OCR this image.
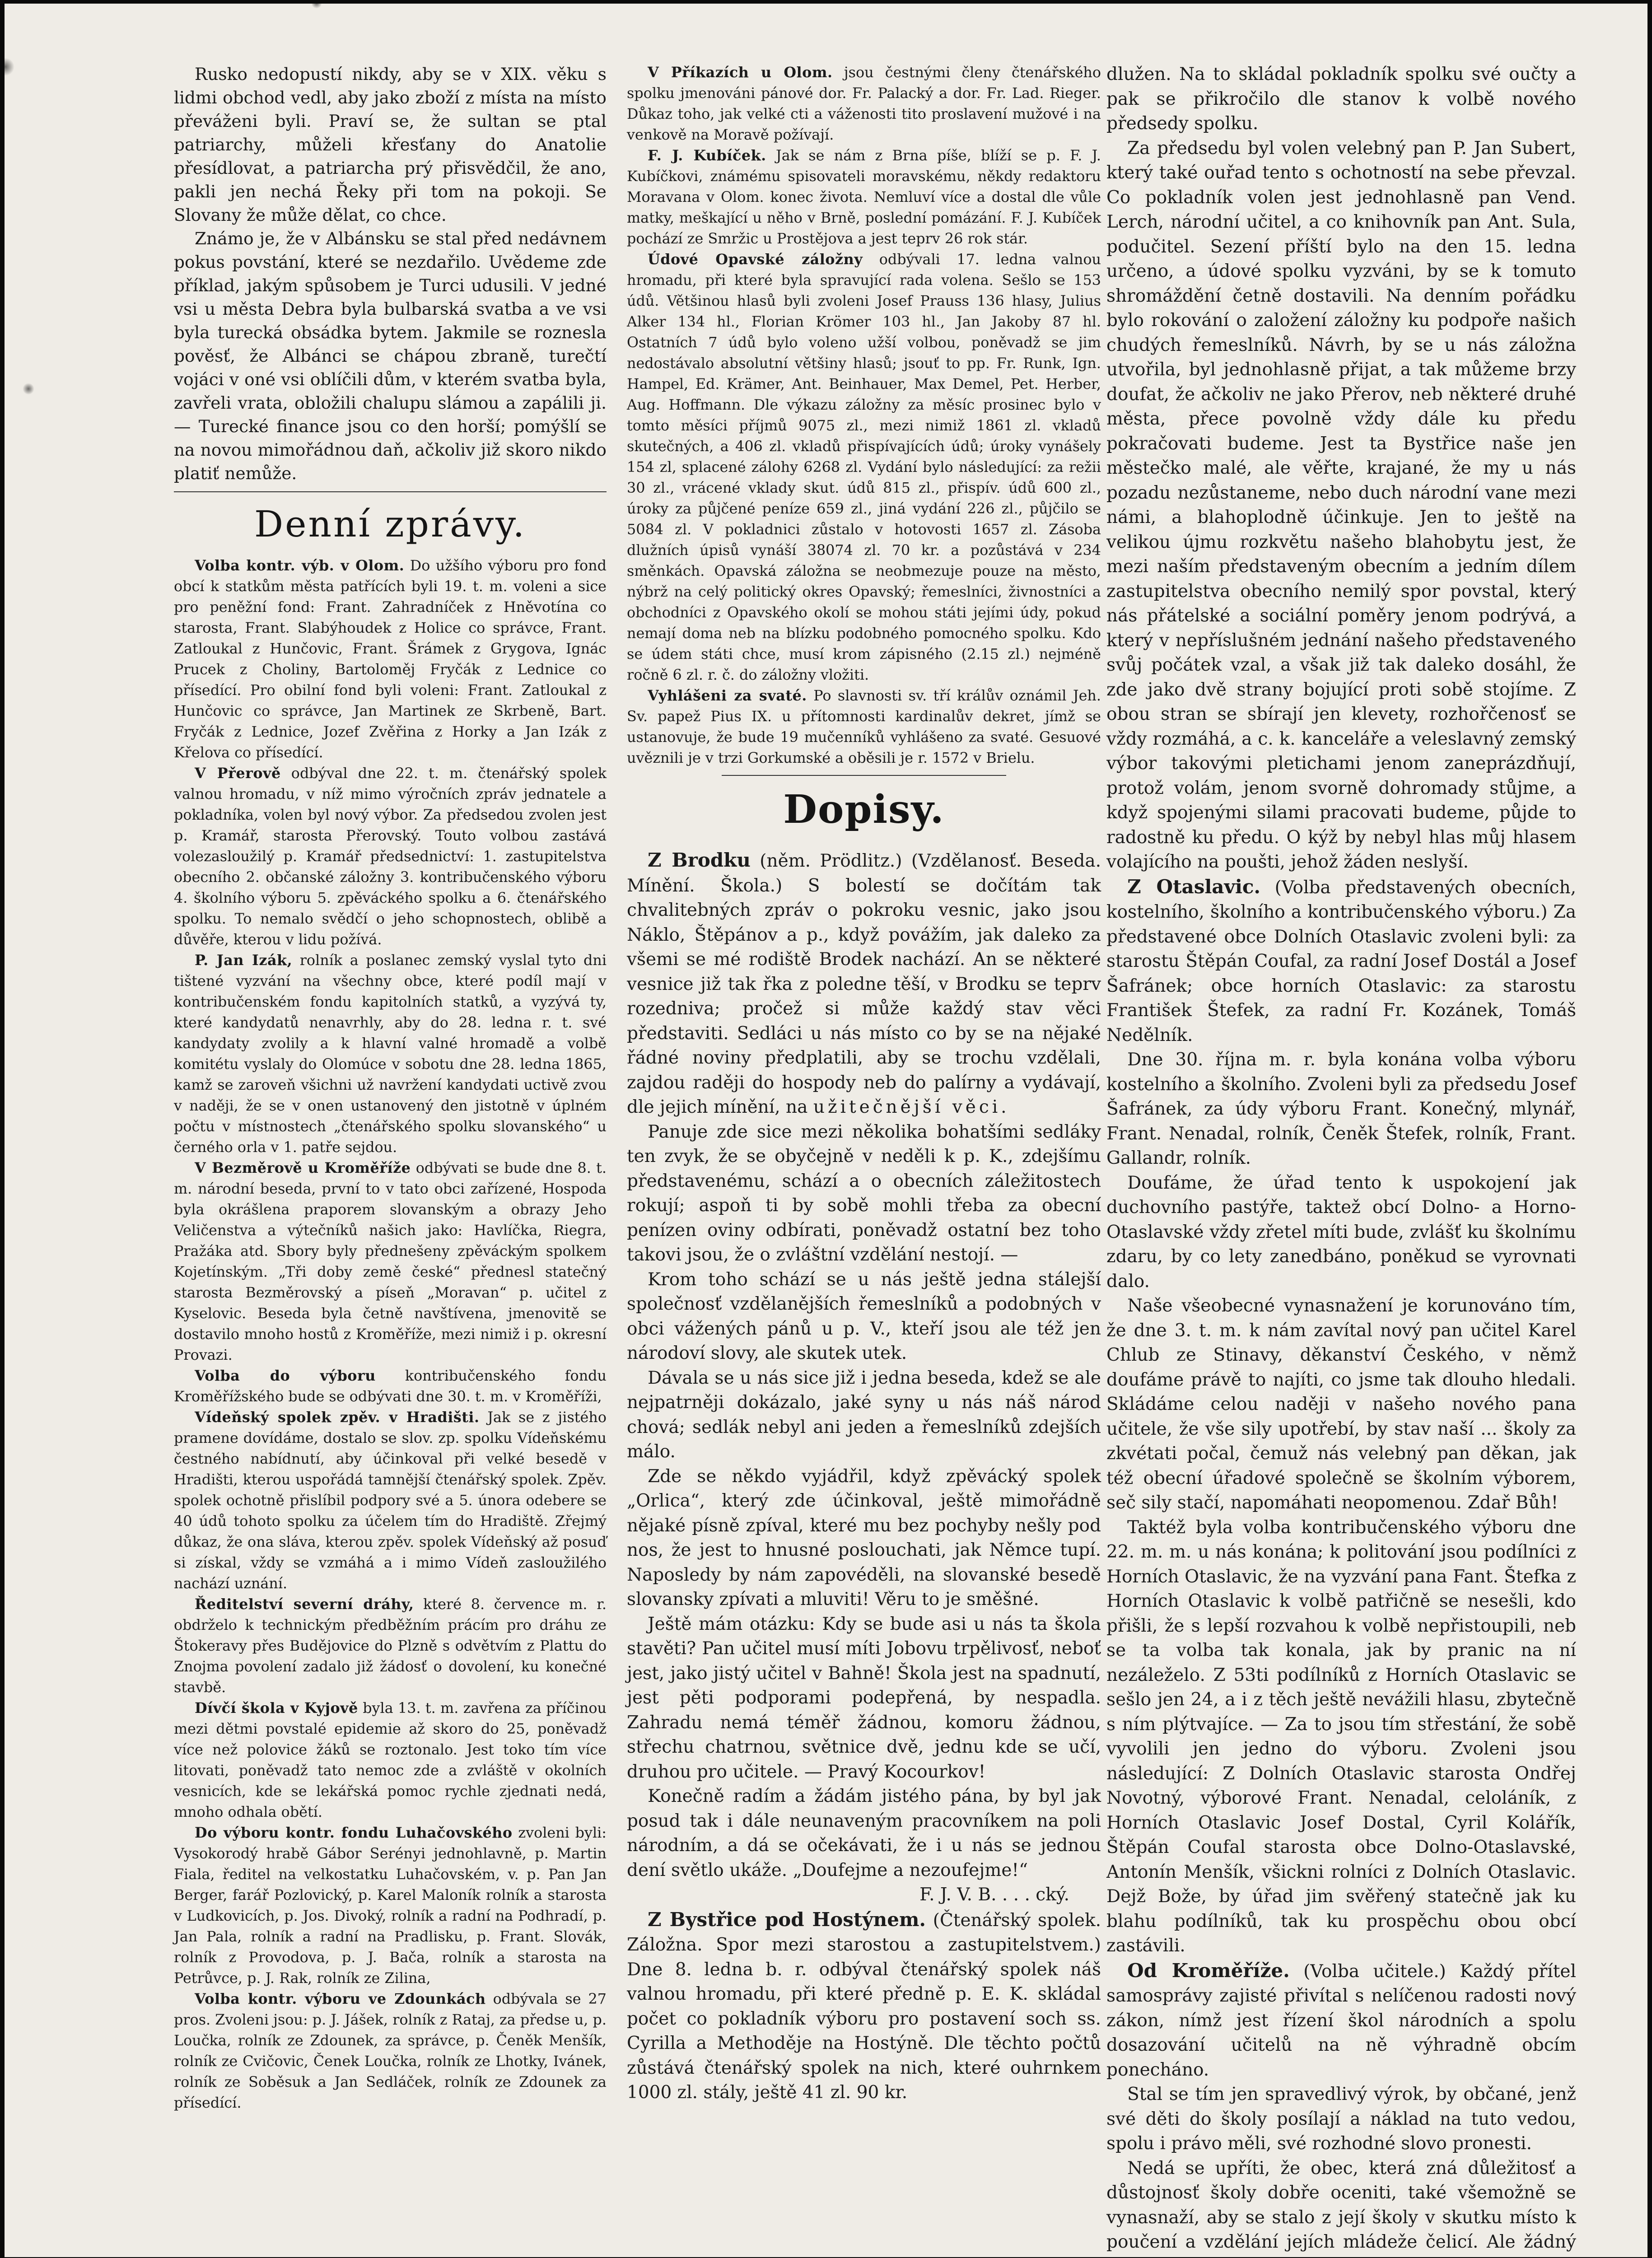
Rusko nedopustí nikdy, aby se v XIX. věku s lidmi obchod vedl, aby jako zboží z místa na místo převáženi byli. Praví se, že sultan se ptal patriarchy, můželi křesťany do Anatolie přesídlovat, a patriarcha prý přisvědčil, že ano, pakli jen nechá Řeky při tom na pokoji. Se Slovany že může dělat, co chce.

Známo je, že v Albánsku se stal před nedávnem pokus povstání, které se nezdařilo. Uvědeme zde příklad, jakým spůsobem je Turci udusili. V jedné vsi u města Debra byla bulbarská svatba a ve vsi byla turecká obsádka bytem. Jakmile se roznesla pověsť, že Albánci se chápou zbraně, turečtí vojáci v oné vsi oblíčili dům, v kterém svatba byla, zavřeli vrata, obložili chalupu slámou a zapálili ji. — Turecké finance jsou co den horší; pomýšlí se na novou mimořádnou daň, ačkoliv již skoro nikdo platiť nemůže.

Denní zprávy.

Volba kontr. výb. v Olom. Do užšího výboru pro fond obcí k statkům města patřících byli 19. t. m. voleni a sice pro peněžní fond: Frant. Zahradníček z Hněvotína co starosta, Frant. Slabýhoudek z Holice co správce, Frant. Zatloukal z Hunčovic, Frant. Šrámek z Grygova, Ignác Prucek z Choliny, Bartoloměj Fryčák z Lednice co přísedící. Pro obilní fond byli voleni: Frant. Zatloukal z Hunčovic co správce, Jan Martinek ze Skrbeně, Bart. Fryčák z Lednice, Jozef Zvěřina z Horky a Jan Izák z Křelova co přísedící.

V Přerově odbýval dne 22. t. m. čtenářský spolek valnou hromadu, v níž mimo výročních zpráv jednatele a pokladníka, volen byl nový výbor. Za předsedou zvolen jest p. Kramář, starosta Přerovský. Touto volbou zastává volezasloužilý p. Kramář předsednictví: 1. zastupitelstva obecního 2. občanské záložny 3. kontribučenského výboru 4. školního výboru 5. zpěváckého spolku a 6. čtenářského spolku. To nemalo svědčí o jeho schopnostech, oblibě a důvěře, kterou v lidu požívá.

P. Jan Izák, rolník a poslanec zemský vyslal tyto dni tištené vyzvání na všechny obce, které podíl mají v kontribučenském fondu kapitolních statků, a vyzývá ty, které kandydatů nenavrhly, aby do 28. ledna r. t. své kandydaty zvolily a k hlavní valné hromadě a volbě komitétu vyslaly do Olomúce v sobotu dne 28. ledna 1865, kamž se zaroveň všichni už navržení kandydati uctivě zvou v naději, že se v onen ustanovený den jistotně v úplném počtu v místnostech „čtenářského spolku slovanského“ u černého orla v 1. patře sejdou.

V Bezměrově u Kroměříže odbývati se bude dne 8. t. m. národní beseda, první to v tato obci zařízené, Hospoda byla okrášlena praporem slovanským a obrazy Jeho Veličenstva a výtečníků našich jako: Havlíčka, Riegra, Pražáka atd. Sbory byly přednešeny zpěváckým spolkem Kojetínským. „Tři doby země české“ přednesl statečný starosta Bezměrovský a píseň „Moravan“ p. učitel z Kyselovic. Beseda byla četně navštívena, jmenovitě se dostavilo mnoho hostů z Kroměříže, mezi nimiž i p. okresní Provazi.

Volba do výboru kontribučenského fondu Kroměřížského bude se odbývati dne 30. t. m. v Kroměříži,

Vídeňský spolek zpěv. v Hradišti. Jak se z jistého pramene dovídáme, dostalo se slov. zp. spolku Vídeňskému čestného nabídnutí, aby účinkoval při velké besedě v Hradišti, kterou uspořádá tamnější čtenářský spolek. Zpěv. spolek ochotně přislíbil podpory své a 5. února odebere se 40 údů tohoto spolku za účelem tím do Hradiště. Zřejmý důkaz, že ona slávа, kterou zpěv. spolek Vídeňský až posuď si získal, vždy se vzmáhá a i mimo Vídeň zasloužilého nachází uznání.

Ředitelství severní dráhy, které 8. července m. r. obdrželo k technickým předběžním prácím pro dráhu ze Štokeravy přes Budějovice do Plzně s odvětvím z Plattu do Znojma povolení zadalo již žádosť o dovolení, ku konečné stavbě.

Dívčí škola v Kyjově byla 13. t. m. zavřena za příčinou mezi dětmi povstalé epidemie až skoro do 25, poněvadž více než polovice žáků se roztonalo. Jest toko tím více litovati, poněvadž tato nemoc zde a zvláště v okolních vesnicích, kde se lekářská pomoc rychle zjednati nedá, mnoho odhala obětí.

Do výboru kontr. fondu Luhačovského zvoleni byli: Vysokorodý hrabě Gábor Serényi jednohlavně, p. Martin Fiala, ředitel na velkostatku Luhačovském, v. p. Pan Jan Berger, farář Pozlovický, p. Karel Maloník rolník a starosta v Ludkovicích, p. Jos. Divoký, rolník a radní na Podhradí, p. Jan Pala, rolník a radní na Pradlisku, p. Frant. Slovák, rolník z Provodova, p. J. Bača, rolník a starosta na Petrůvce, p. J. Rak, rolník ze Zilina,

Volba kontr. výboru ve Zdounkách odbývala se 27 pros. Zvoleni jsou: p. J. Jášek, rolník z Rataj, za předse u, p. Loučka, rolník ze Zdounek, za správce, p. Čeněk Menšík, rolník ze Cvičovic, Čenek Loučka, rolník ze Lhotky, Ivánek, rolník ze Soběsuk a Jan Sedláček, rolník ze Zdounek za přísedící.

V Příkazích u Olom. jsou čestnými členy čtenářského spolku jmenováni pánové dor. Fr. Palacký a dor. Fr. Lad. Rieger. Důkaz toho, jak velké cti a váženosti tito proslavení mužové i na venkově na Moravě požívají.

F. J. Kubíček. Jak se nám z Brna píše, blíží se p. F. J. Kubíčkovi, známému spisovateli moravskému, někdy redaktoru Moravana v Olom. konec života. Nemluví více a dostal dle vůle matky, meškající u něho v Brně, poslední pomázání. F. J. Kubíček pochází ze Smržic u Prostějova a jest teprv 26 rok stár.

Údové Opavské záložny odbývali 17. ledna valnou hromadu, při které byla spravující rada volena. Sešlo se 153 údů. Většinou hlasů byli zvoleni Josef Prauss 136 hlasy, Julius Alker 134 hl., Florian Krömer 103 hl., Jan Jakoby 87 hl. Ostatních 7 údů bylo voleno užší volbou, poněvadž se jim nedostávalo absolutní většiny hlasů; jsouť to pp. Fr. Runk, Ign. Hampel, Ed. Krämer, Ant. Beinhauer, Max Demel, Pet. Herber, Aug. Hoffmann. Dle výkazu záložny za měsíc prosinec bylo v tomto měsíci příjmů 9075 zl., mezi nimiž 1861 zl. vkladů skutečných, a 406 zl. vkladů přispívajících údů; úroky vynášely 154 zl, splacené zálohy 6268 zl. Vydání bylo následující: za režii 30 zl., vrácené vklady skut. údů 815 zl., přispív. údů 600 zl., úroky za půjčené peníze 659 zl., jiná vydání 226 zl., půjčilo se 5084 zl. V pokladnici zůstalo v hotovosti 1657 zl. Zásoba dlužních úpisů vynáší 38074 zl. 70 kr. a pozůstává v 234 směnkách. Opavská záložna se neobmezuje pouze na město, nýbrž na celý politický okres Opavský; řemeslníci, živnostníci a obchodníci z Opavského okolí se mohou státi jejími údy, pokud nemají doma neb na blízku podobného pomocného spolku. Kdo se údem státi chce, musí krom zápisného (2.15 zl.) nejméně ročně 6 zl. r. č. do záložny vložiti.

Vyhlášeni za svaté. Po slavnosti sv. tří králův oznámil Jeh. Sv. papež Pius IX. u přítomnosti kardinalův dekret, jímž se ustanovuje, že bude 19 mučenníků vyhlášeno za svaté. Gesuové uvěznili je v trzi Gorkumské a oběsili je r. 1572 v Brielu.

Dopisy.

Z Brodku (něm. Prödlitz.) (Vzdělanosť. Beseda. Mínění. Škola.) S bolestí se dočítám tak chvalitebných zpráv o pokroku vesnic, jako jsou Náklo, Štěpánov a p., když povážím, jak daleko za všemi se mé rodiště Brodek nachází. An se některé vesnice již tak řka z poledne těší, v Brodku se teprv rozedniva; pročež si může každý stav věci představiti. Sedláci u nás místo co by se na nějaké řádné noviny předplatili, aby se trochu vzdělali, zajdou raději do hospody neb do palírny a vydávají, dle jejich mínění, na užitečnější věci.

Panuje zde sice mezi několika bohatšími sedláky ten zvyk, že se obyčejně v neděli k p. K., zdejšímu představenému, schází a o obecních záležitostech rokují; aspoň ti by sobě mohli třeba za obecní penízen oviny odbírati, poněvadž ostatní bez toho takovi jsou, že o zvláštní vzdělání nestojí. —

Krom toho schází se u nás ještě jedna stálejší společnosť vzdělanějších řemeslníků a podobných v obci vážených pánů u p. V., kteří jsou ale též jen národoví slovy, ale skutek utek.

Dávala se u nás sice již i jedna beseda, kdež se ale nejpatrněji dokázalo, jaké syny u nás náš národ chová; sedlák nebyl ani jeden a řemeslníků zdejších málo.

Zde se někdo vyjádřil, když zpěvácký spolek „Orlica“, který zde účinkoval, ještě mimořádně nějaké písně zpíval, které mu bez pochyby nešly pod nos, že jest to hnusné poslouchati, jak Němce tupí. Naposledy by nám zapovéděli, na slovanské besedě slovansky zpívati a mluviti! Věru to je směšné.

Ještě mám otázku: Kdy se bude asi u nás ta škola stavěti? Pan učitel musí míti Jobovu trpělivosť, neboť jest, jako jistý učitel v Bahně! Škola jest na spadnutí, jest pěti podporami podepřená, by nespadla. Zahradu nemá téměř žádnou, komoru žádnou, střechu chatrnou, světnice dvě, jednu kde se učí, druhou pro učitele. — Pravý Kocourkov!

Konečně radím a žádám jistého pána, by byl jak posud tak i dále neunaveným pracovníkem na poli národním, a dá se očekávati, že i u nás se jednou dení světlo ukáže. „Doufejme a nezoufejme!“

F. J. V. B. . . . cký.

Z Bystřice pod Hostýnem. (Čtenářský spolek. Záložna. Spor mezi starostou a zastupitelstvem.) Dne 8. ledna b. r. odbýval čtenářský spolek náš valnou hromadu, při které předně p. E. K. skládal počet co pokladník výboru pro postavení soch ss. Cyrilla a Methoděje na Hostýně. Dle těchto počtů zůstává čtenářský spolek na nich, které ouhrnkem 1000 zl. stály, ještě 41 zl. 90 kr.

dlužen. Na to skládal pokladník spolku své oučty a pak se přikročilo dle stanov k volbě nového předsedy spolku.

Za předsedu byl volen velebný pan P. Jan Subert, který také ouřad tento s ochotností na sebe převzal. Co pokladník volen jest jednohlasně pan Vend. Lerch, národní učitel, a co knihovník pan Ant. Sula, podučitel. Sezení příští bylo na den 15. ledna určeno, a údové spolku vyzváni, by se k tomuto shromáždění četně dostavili. Na denním pořádku bylo rokování o založení záložny ku podpoře našich chudých řemeslníků. Návrh, by se u nás záložna utvořila, byl jednohlasně přijat, a tak můžeme brzy doufat, že ačkoliv ne jako Přerov, neb některé druhé města, přece povolně vždy dále ku předu pokračovati budeme. Jest ta Bystřice naše jen městečko malé, ale věřte, krajané, že my u nás pozadu nezůstaneme, nebo duch národní vane mezi námi, a blahoplodně účinkuje. Jen to ještě na velikou újmu rozkvětu našeho blahobytu jest, že mezi naším představeným obecním a jedním dílem zastupitelstva obecního nemilý spor povstal, který nás přátelské a sociální poměry jenom podrývá, a který v nepříslušném jednání našeho představeného svůj počátek vzal, a však již tak daleko dosáhl, že zde jako dvě strany bojující proti sobě stojíme. Z obou stran se sbírají jen klevety, rozhořčenosť se vždy rozmáhá, a c. k. kanceláře a veleslavný zemský výbor takovými pletichami jenom zaneprázdňují, protož volám, jenom svorně dohromady stůjme, a když spojenými silami pracovati budeme, půjde to radostně ku předu. O kýž by nebyl hlas můj hlasem volajícího na poušti, jehož žáden neslyší.

Z Otaslavic. (Volba představených obecních, kostelního, školního a kontribučenského výboru.) Za představené obce Dolních Otaslavic zvoleni byli: za starostu Štěpán Coufal, za radní Josef Dostál a Josef Šafránek; obce horních Otaslavic: za starostu František Štefek, za radní Fr. Kozánek, Tomáš Nedělník.

Dne 30. října m. r. byla konána volba výboru kostelního a školního. Zvoleni byli za předsedu Josef Šafránek, za údy výboru Frant. Konečný, mlynář, Frant. Nenadal, rolník, Čeněk Štefek, rolník, Frant. Gallandr, rolník.

Doufáme, že úřad tento k uspokojení jak duchovního pastýře, taktež obcí Dolno- a Horno-Otaslavské vždy zřetel míti bude, zvlášť ku školnímu zdaru, by co lety zanedbáno, poněkud se vyrovnati dalo.

Naše všeobecné vynasnažení je korunováno tím, že dne 3. t. m. k nám zavítal nový pan učitel Karel Chlub ze Stinavy, děkanství Českého, v němž doufáme právě to najíti, co jsme tak dlouho hledali. Skládáme celou naději v našeho nového pana učitele, že vše sily upotřebí, by stav naší ... školy za zkvétati počal, čemuž nás velebný pan děkan, jak též obecní úřadové společně se školním výborem, seč sily stačí, napomáhati neopomenou. Zdař Bůh!

Taktéž byla volba kontribučenského výboru dne 22. m. m. u nás konána; k politování jsou podílníci z Horních Otaslavic, že na vyzvání pana Fant. Štefka z Horních Otaslavic k volbě patřičně se nesešli, kdo přišli, že s lepší rozvahou k volbě nepřistoupili, neb se ta volba tak konala, jak by pranic na ní nezáleželo. Z 53ti podílníků z Horních Otaslavic se sešlo jen 24, a i z těch ještě nevážili hlasu, zbytečně s ním plýtvajíce. — Za to jsou tím střestání, že sobě vyvolili jen jedno do výboru. Zvoleni jsou následující: Z Dolních Otaslavic starosta Ondřej Novotný, výborové Frant. Nenadal, celoláník, z Horních Otaslavic Josef Dostal, Cyril Kolářík, Štěpán Coufal starosta obce Dolno-Otaslavské, Antonín Menšík, všickni rolníci z Dolních Otaslavic. Dejž Bože, by úřad jim svěřený statečně jak ku blahu podílníků, tak ku prospěchu obou obcí zastávili.

Od Kroměříže. (Volba učitele.) Každý přítel samosprávy zajisté přivítal s nelíčenou radosti nový zákon, nímž jest řízení škol národních a spolu dosazování učitelů na ně výhradně obcím ponecháno.

Stal se tím jen spravedlivý výrok, by občané, jenž své děti do školy posílají a náklad na tuto vedou, spolu i právo měli, své rozhodné slovo pronesti.

Nedá se upříti, že obec, která zná důležitosť a důstojnosť školy dobře oceniti, také všemožně se vynasnaží, aby se stalo z její školy v skutku místo k poučení a vzdělání jejích mládeže čelicí. Ale žádný
